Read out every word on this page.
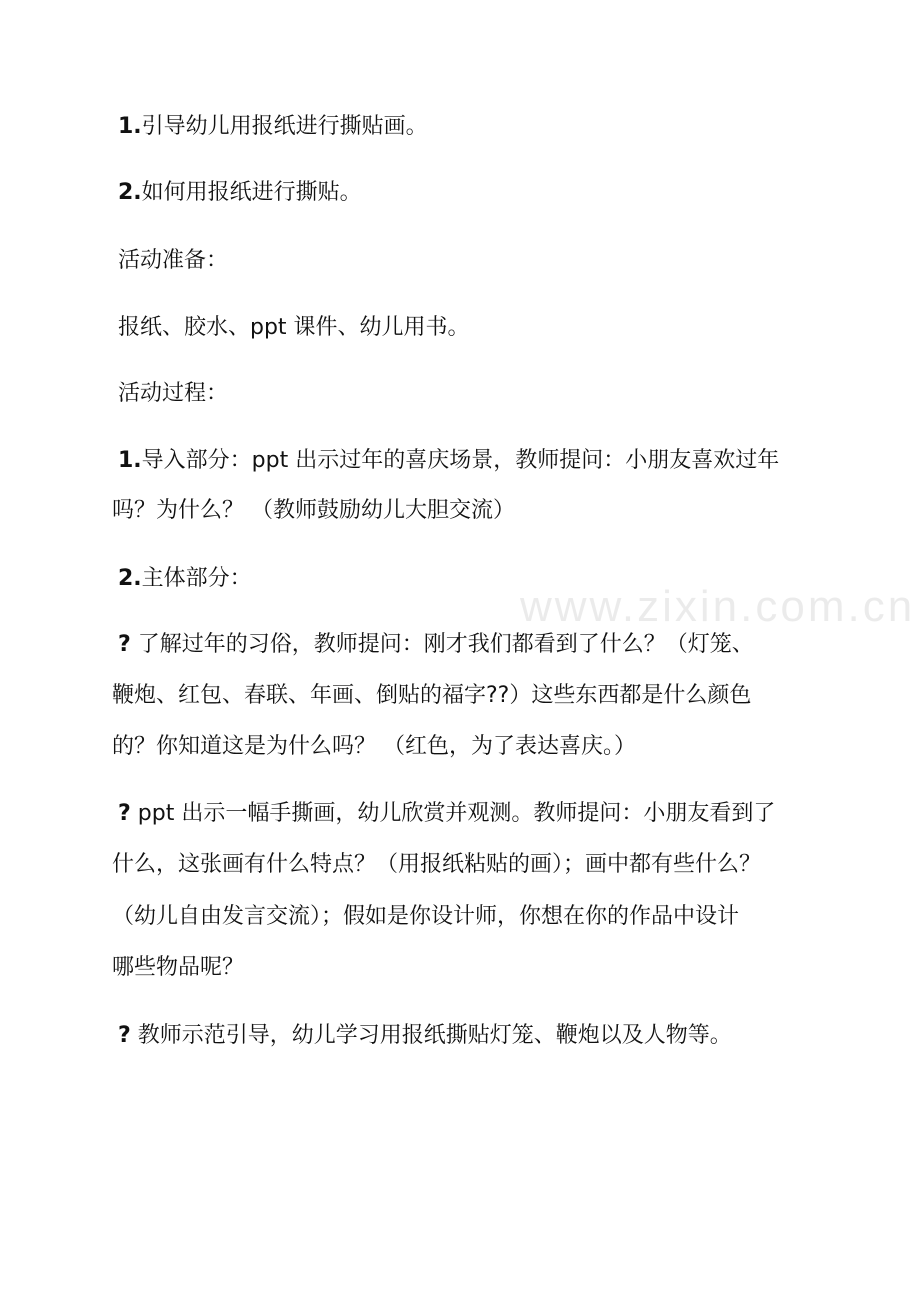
www.zixin.com.cn
1.引导幼儿用报纸进行撕贴画。
2.如何用报纸进行撕贴。
活动准备：
报纸、胶水、ppt 课件、幼儿用书。
活动过程：
1.导入部分：ppt 出示过年的喜庆场景，教师提问：小朋友喜欢过年
吗？为什么？ （教师鼓励幼儿大胆交流）
2.主体部分：
? 了解过年的习俗，教师提问：刚才我们都看到了什么？（灯笼、
鞭炮、红包、春联、年画、倒贴的福字??）这些东西都是什么颜色
的？你知道这是为什么吗？ （红色，为了表达喜庆。）
? ppt 出示一幅手撕画，幼儿欣赏并观测。教师提问：小朋友看到了
什么，这张画有什么特点？（用报纸粘贴的画）；画中都有些什么？
（幼儿自由发言交流）；假如是你设计师，你想在你的作品中设计
哪些物品呢？
? 教师示范引导，幼儿学习用报纸撕贴灯笼、鞭炮以及人物等。
